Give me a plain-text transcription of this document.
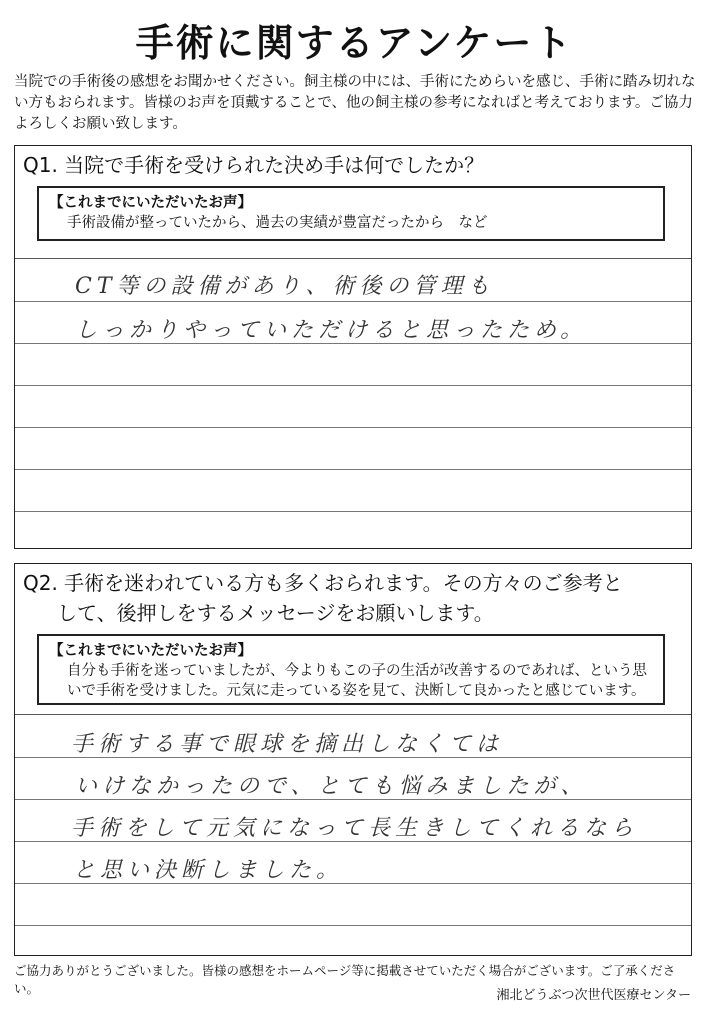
手術に関するアンケート
当院での手術後の感想をお聞かせください。飼主様の中には、手術にためらいを感じ、手術に踏み切れない方もおられます。皆様のお声を頂戴することで、他の飼主様の参考になればと考えております。ご協力よろしくお願い致します。
Q1. 当院で手術を受けられた決め手は何でしたか？
【これまでにいただいたお声】
手術設備が整っていたから、過去の実績が豊富だったから　など
CT等の設備があり、術後の管理も
しっかりやっていただけると思ったため。
Q2. 手術を迷われている方も多くおられます。その方々のご参考と
して、後押しをするメッセージをお願いします。
【これまでにいただいたお声】
自分も手術を迷っていましたが、今よりもこの子の生活が改善するのであれば、という思いで手術を受けました。元気に走っている姿を見て、決断して良かったと感じています。
手術する事で眼球を摘出しなくては
いけなかったので、とても悩みましたが、
手術をして元気になって長生きしてくれるなら
と思い決断しました。
ご協力ありがとうございました。皆様の感想をホームページ等に掲載させていただく場合がございます。ご了承ください。	湘北どうぶつ次世代医療センター
